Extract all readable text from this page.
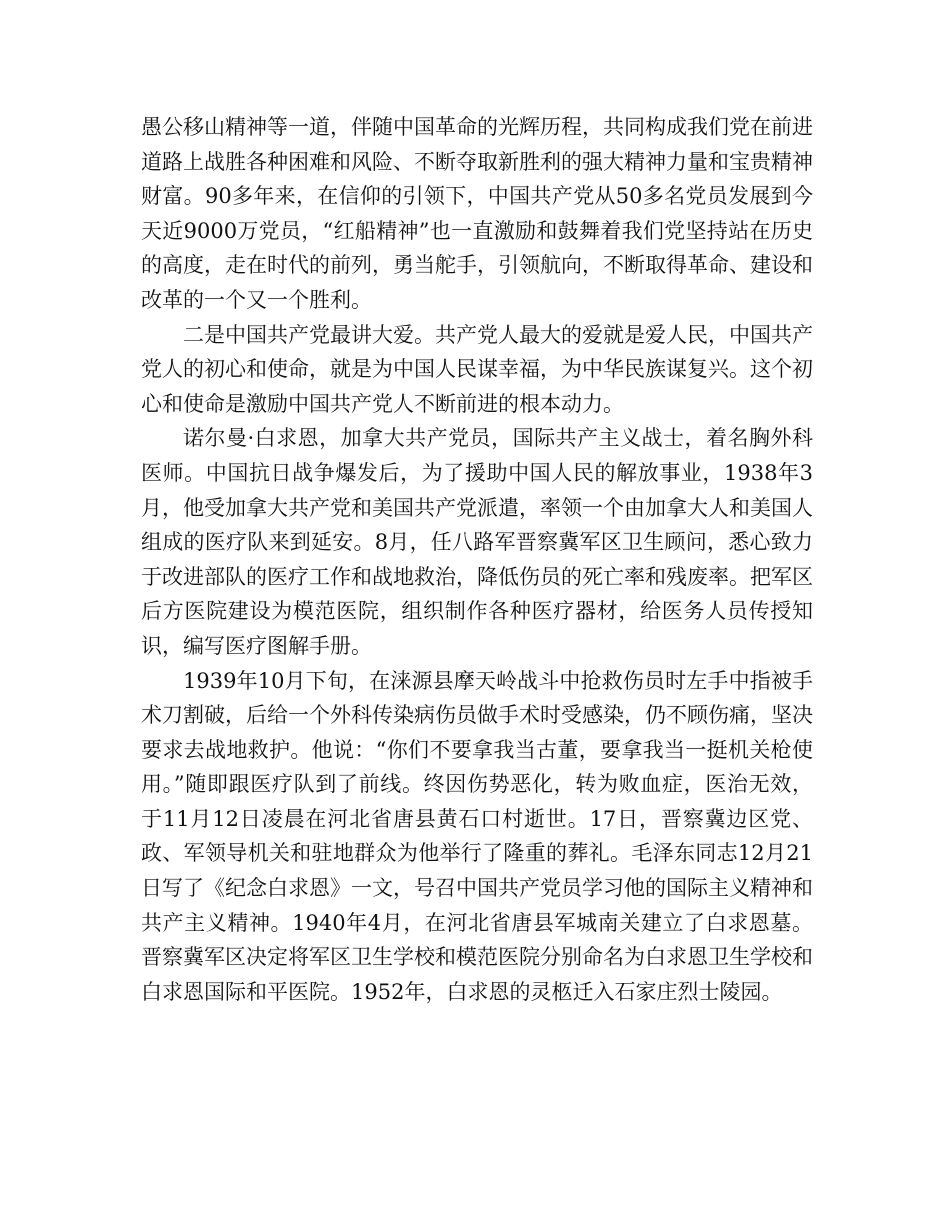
愚公移山精神等一道，伴随中国革命的光辉历程，共同构成我们党在前进道路上战胜各种困难和风险、不断夺取新胜利的强大精神力量和宝贵精神财富。90多年来，在信仰的引领下，中国共产党从50多名党员发展到今天近9000万党员，“红船精神”也一直激励和鼓舞着我们党坚持站在历史的高度，走在时代的前列，勇当舵手，引领航向，不断取得革命、建设和改革的一个又一个胜利。

二是中国共产党最讲大爱。共产党人最大的爱就是爱人民，中国共产党人的初心和使命，就是为中国人民谋幸福，为中华民族谋复兴。这个初心和使命是激励中国共产党人不断前进的根本动力。

诺尔曼·白求恩，加拿大共产党员，国际共产主义战士，着名胸外科医师。中国抗日战争爆发后，为了援助中国人民的解放事业，1938年3月，他受加拿大共产党和美国共产党派遣，率领一个由加拿大人和美国人组成的医疗队来到延安。8月，任八路军晋察冀军区卫生顾问，悉心致力于改进部队的医疗工作和战地救治，降低伤员的死亡率和残废率。把军区后方医院建设为模范医院，组织制作各种医疗器材，给医务人员传授知识，编写医疗图解手册。

1939年10月下旬，在涞源县摩天岭战斗中抢救伤员时左手中指被手术刀割破，后给一个外科传染病伤员做手术时受感染，仍不顾伤痛，坚决要求去战地救护。他说：“你们不要拿我当古董，要拿我当一挺机关枪使用。”随即跟医疗队到了前线。终因伤势恶化，转为败血症，医治无效，于11月12日凌晨在河北省唐县黄石口村逝世。17日，晋察冀边区党、政、军领导机关和驻地群众为他举行了隆重的葬礼。毛泽东同志12月21日写了《纪念白求恩》一文，号召中国共产党员学习他的国际主义精神和共产主义精神。1940年4月，在河北省唐县军城南关建立了白求恩墓。晋察冀军区决定将军区卫生学校和模范医院分别命名为白求恩卫生学校和白求恩国际和平医院。1952年，白求恩的灵柩迁入石家庄烈士陵园。
